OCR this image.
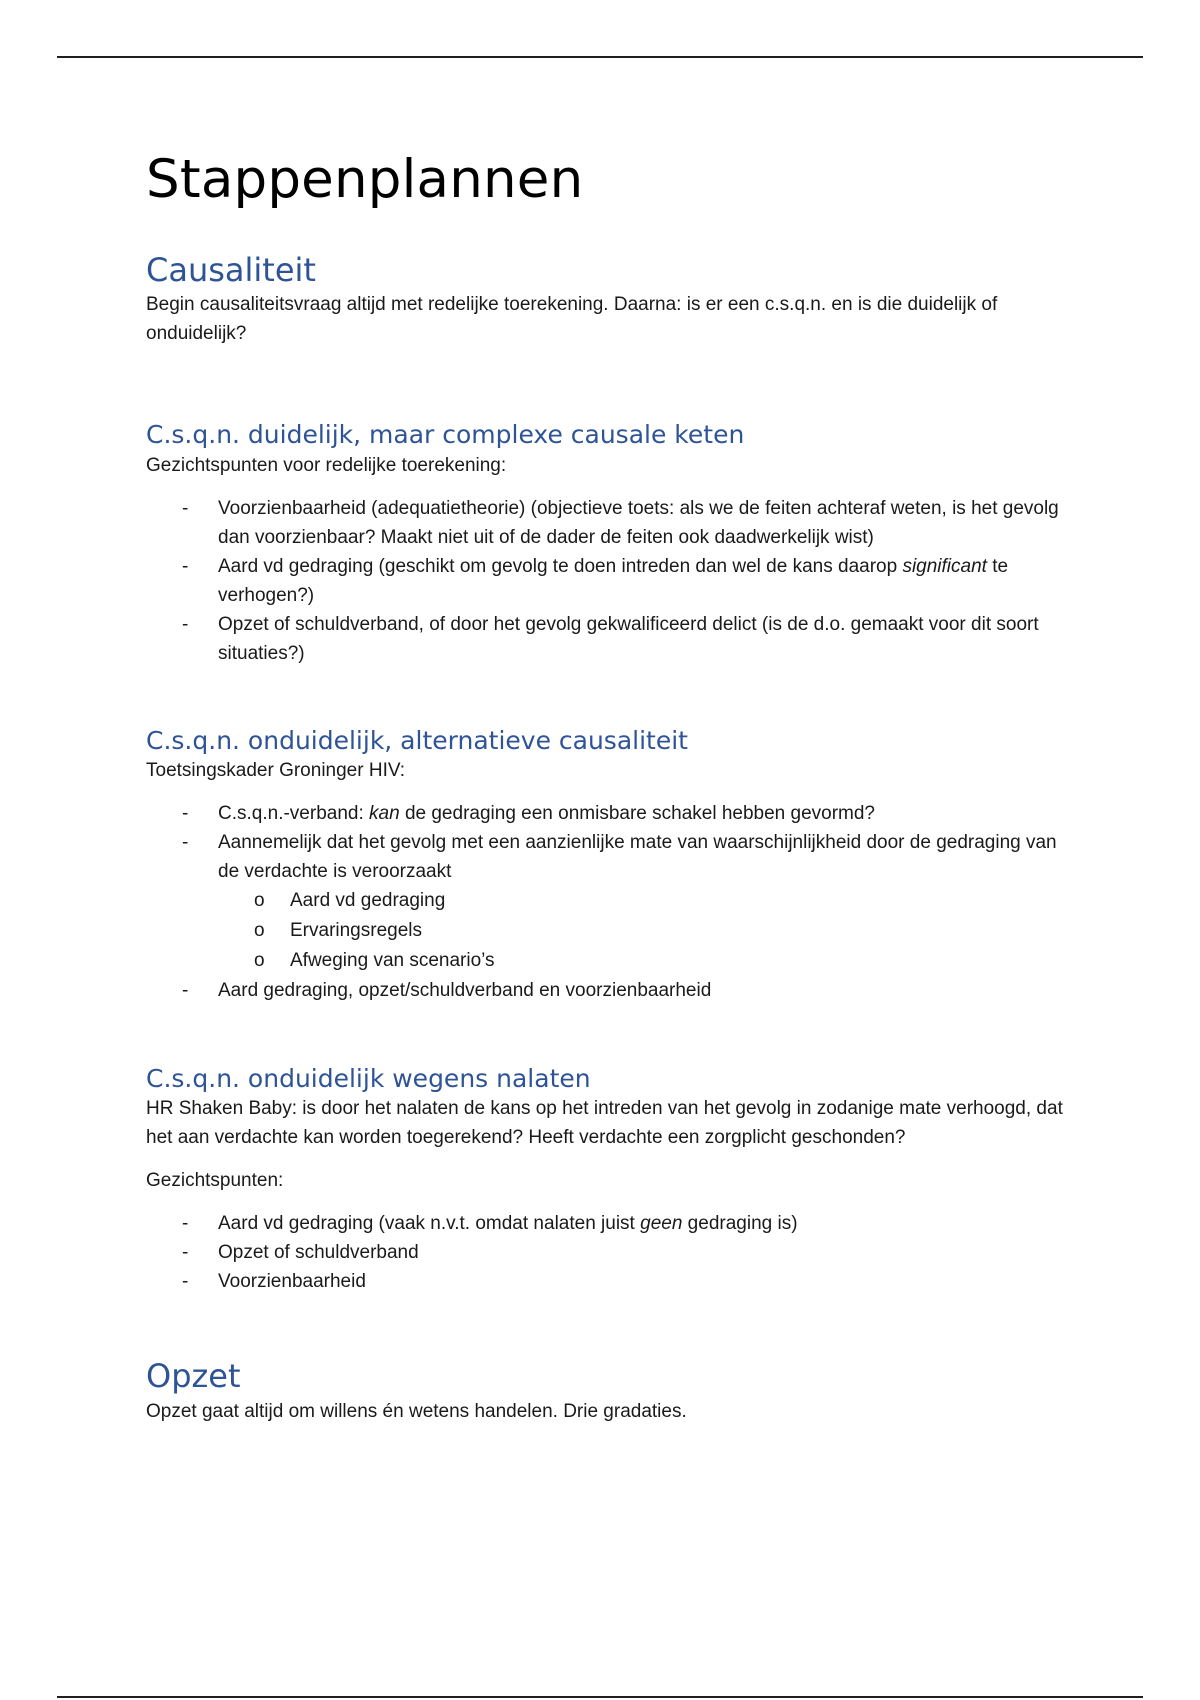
Stappenplannen
Causaliteit

Begin causaliteitsvraag altijd met redelijke toerekening. Daarna: is er een c.s.q.n. en is die duidelijk of onduidelijk?

C.s.q.n. duidelijk, maar complexe causale keten

Gezichtspunten voor redelijke toerekening:

- Voorzienbaarheid (adequatietheorie) (objectieve toets: als we de feiten achteraf weten, is het gevolg dan voorzienbaar? Maakt niet uit of de dader de feiten ook daadwerkelijk wist)
- Aard vd gedraging (geschikt om gevolg te doen intreden dan wel de kans daarop significant te verhogen?)
- Opzet of schuldverband, of door het gevolg gekwalificeerd delict (is de d.o. gemaakt voor dit soort situaties?)
C.s.q.n. onduidelijk, alternatieve causaliteit

Toetsingskader Groninger HIV:

- C.s.q.n.-verband: kan de gedraging een onmisbare schakel hebben gevormd?
- Aannemelijk dat het gevolg met een aanzienlijke mate van waarschijnlijkheid door de gedraging van de verdachte is veroorzaakt
o Aard vd gedraging
o Ervaringsregels
o Afweging van scenario’s
- Aard gedraging, opzet/schuldverband en voorzienbaarheid
C.s.q.n. onduidelijk wegens nalaten

HR Shaken Baby: is door het nalaten de kans op het intreden van het gevolg in zodanige mate verhoogd, dat het aan verdachte kan worden toegerekend? Heeft verdachte een zorgplicht geschonden?

Gezichtspunten:

- Aard vd gedraging (vaak n.v.t. omdat nalaten juist geen gedraging is)
- Opzet of schuldverband
- Voorzienbaarheid
Opzet

Opzet gaat altijd om willens én wetens handelen. Drie gradaties.
